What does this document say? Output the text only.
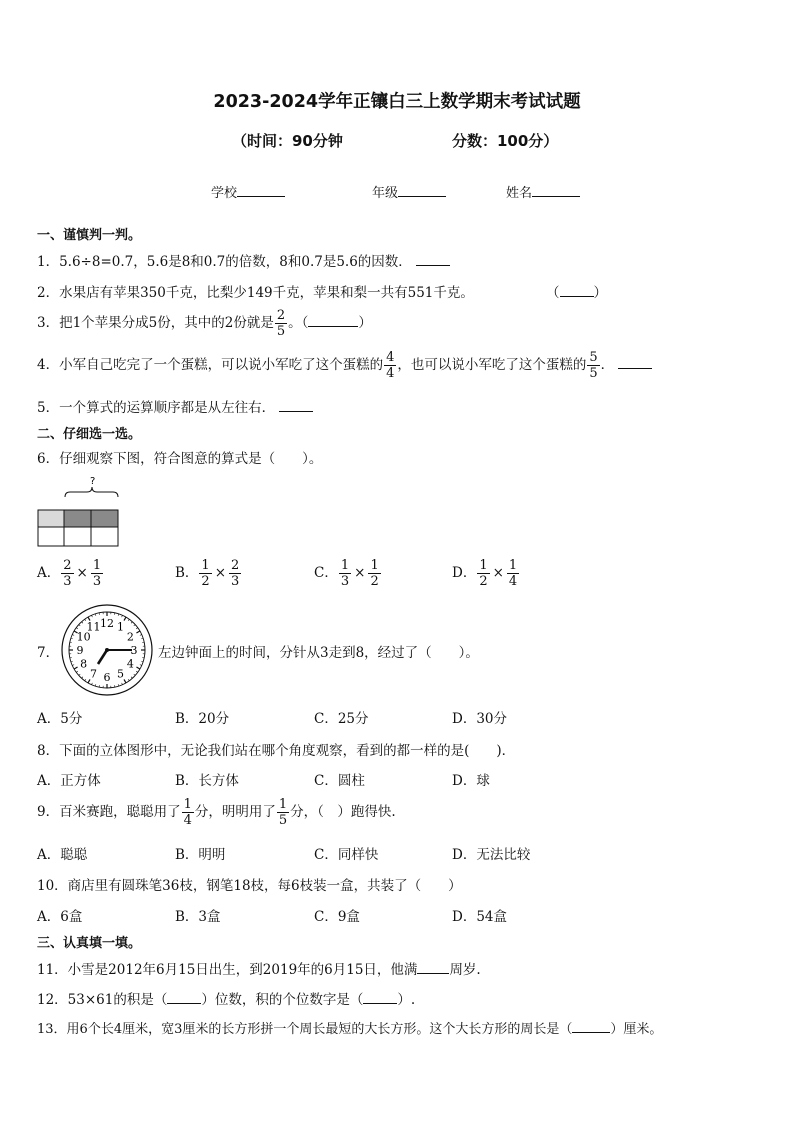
2023-2024学年正镶白三上数学期末考试试题
（时间：90分钟	分数：100分）
学校	年级	姓名
一、谨慎判一判。
1．5.6÷8=0.7，5.6是8和0.7的倍数，8和0.7是5.6的因数．
2．水果店有苹果350千克，比梨少149千克，苹果和梨一共有551千克。	（	）
3．把1个苹果分成5份，其中的2份就是 $\frac{2}{5}$ 。（	）
4．小军自己吃完了一个蛋糕，可以说小军吃了这个蛋糕的 $\frac{4}{4}$ ，也可以说小军吃了这个蛋糕的 $\frac{5}{5}$ ．
5．一个算式的运算顺序都是从左往右．
二、仔细选一选。
6．仔细观察下图，符合图意的算式是（　　）。
?
A． $\frac{2}{3} \times \frac{1}{3}$	B． $\frac{1}{2} \times \frac{2}{3}$	C． $\frac{1}{3} \times \frac{1}{2}$	D． $\frac{1}{2} \times \frac{1}{4}$
7．
12 1
2
3
4
5
6
7
8
9
10
11
左边钟面上的时间，分针从3走到8，经过了（　　）。
A．5分	B．20分	C．25分	D．30分
8．下面的立体图形中，无论我们站在哪个角度观察，看到的都一样的是(　　)．
A．正方体	B．长方体	C．圆柱	D．球
9．百米赛跑，聪聪用了 $\frac{1}{4}$ 分，明明用了 $\frac{1}{5}$ 分，（　）跑得快.
A．聪聪	B．明明	C．同样快	D．无法比较
10．商店里有圆珠笔36枝，钢笔18枝，每6枝装一盒，共装了（　　）
A．6盒	B．3盒	C．9盒	D．54盒
三、认真填一填。
11．小雪是2012年6月15日出生，到2019年的6月15日，他满 周岁.
12．53×61的积是（	）位数，积的个位数字是（	）.
13．用6个长4厘米，宽3厘米的长方形拼一个周长最短的大长方形。这个大长方形的周长是（	）厘米。
